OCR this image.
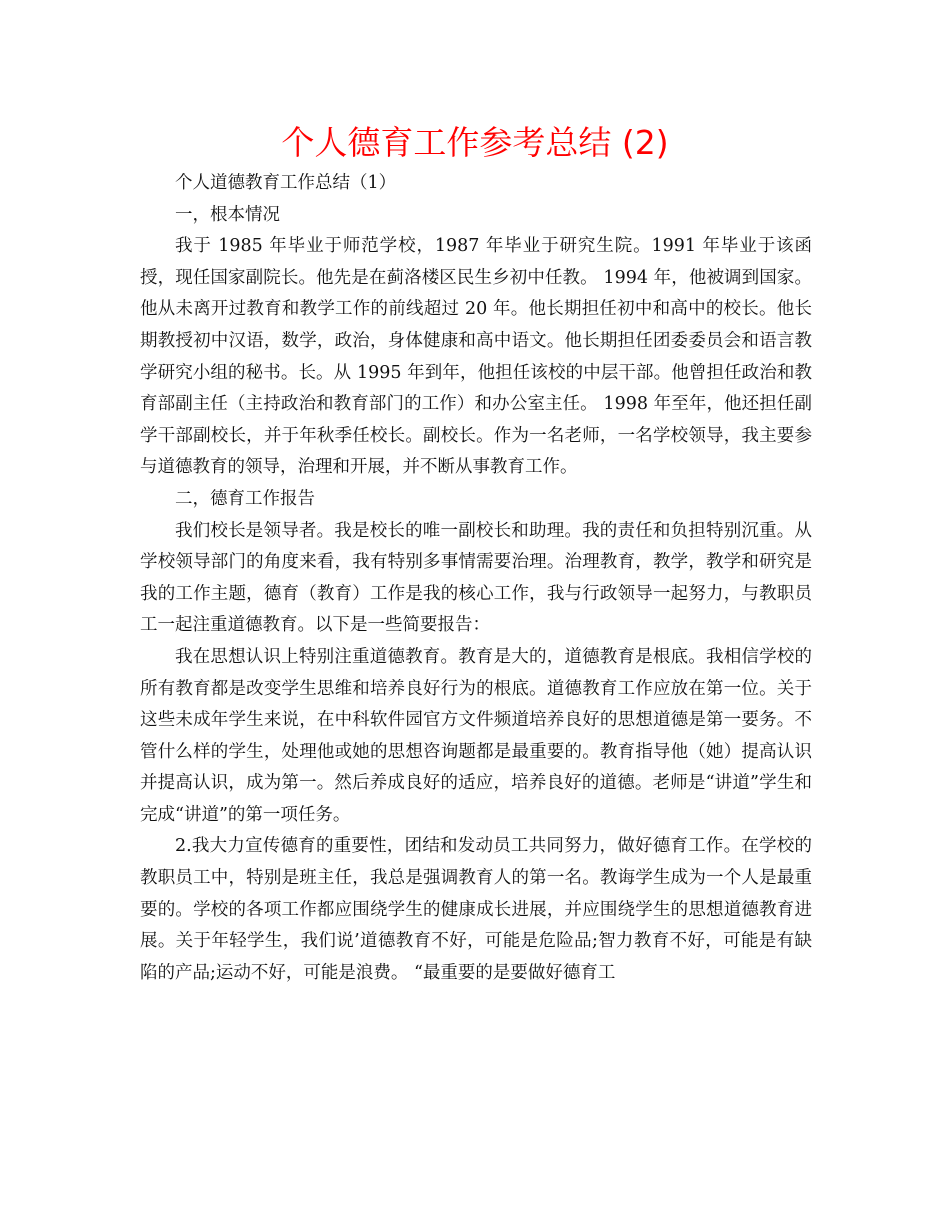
个人德育工作参考总结 (2)

个人道德教育工作总结（1）

一，根本情况

我于 1985 年毕业于师范学校，1987 年毕业于研究生院。1991 年毕业于该函授，现任国家副院长。他先是在蓟洛楼区民生乡初中任教。 1994 年，他被调到国家。他从未离开过教育和教学工作的前线超过 20 年。他长期担任初中和高中的校长。他长期教授初中汉语，数学，政治，身体健康和高中语文。他长期担任团委委员会和语言教学研究小组的秘书。长。从 1995 年到年，他担任该校的中层干部。他曾担任政治和教育部副主任（主持政治和教育部门的工作）和办公室主任。 1998 年至年，他还担任副学干部副校长，并于年秋季任校长。副校长。作为一名老师，一名学校领导，我主要参与道德教育的领导，治理和开展，并不断从事教育工作。

二，德育工作报告

我们校长是领导者。我是校长的唯一副校长和助理。我的责任和负担特别沉重。从学校领导部门的角度来看，我有特别多事情需要治理。治理教育，教学，教学和研究是我的工作主题，德育（教育）工作是我的核心工作，我与行政领导一起努力，与教职员工一起注重道德教育。以下是一些简要报告：

我在思想认识上特别注重道德教育。教育是大的，道德教育是根底。我相信学校的所有教育都是改变学生思维和培养良好行为的根底。道德教育工作应放在第一位。关于这些未成年学生来说，在中科软件园官方文件频道培养良好的思想道德是第一要务。不管什么样的学生，处理他或她的思想咨询题都是最重要的。教育指导他（她）提高认识并提高认识，成为第一。然后养成良好的适应，培养良好的道德。老师是“讲道”学生和完成“讲道”的第一项任务。

2.我大力宣传德育的重要性，团结和发动员工共同努力，做好德育工作。在学校的教职员工中，特别是班主任，我总是强调教育人的第一名。教诲学生成为一个人是最重要的。学校的各项工作都应围绕学生的健康成长进展，并应围绕学生的思想道德教育进展。关于年轻学生，我们说’道德教育不好，可能是危险品;智力教育不好，可能是有缺陷的产品;运动不好，可能是浪费。 “最重要的是要做好德育工
